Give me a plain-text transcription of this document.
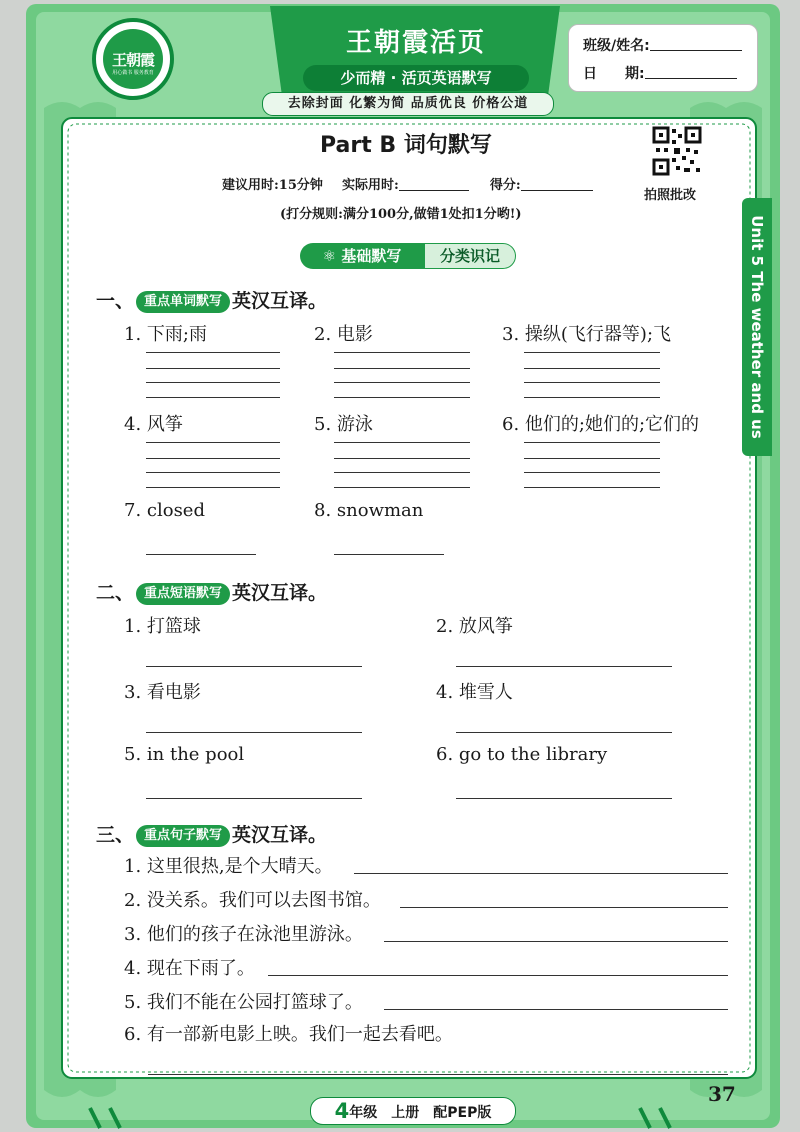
王朝霞
用心做书 服务教育
王朝霞活页
少而精 · 活页英语默写
去除封面 化繁为简 品质优良 价格公道
班级/姓名:
日　　期:
Part B 词句默写
拍照批改
建议用时:15分钟 实际用时:	得分:
(打分规则:满分100分,做错1处扣1分哟!)
⚛ 基础默写	分类识记	Unit 5 The weather and us
一、 重点单词默写 英汉互译。
1. 下雨;雨	2. 电影	3. 操纵(飞行器等);飞
4. 风筝	5. 游泳	6. 他们的;她们的;它们的
7. closed	8. snowman
二、 重点短语默写 英汉互译。
1. 打篮球	2. 放风筝
3. 看电影	4. 堆雪人
5. in the pool	6. go to the library
三、 重点句子默写 英汉互译。
1. 这里很热,是个大晴天。
2. 没关系。我们可以去图书馆。
3. 他们的孩子在泳池里游泳。
4. 现在下雨了。
5. 我们不能在公园打篮球了。
6. 有一部新电影上映。我们一起去看吧。
4年级　上册　配PEP版
37
